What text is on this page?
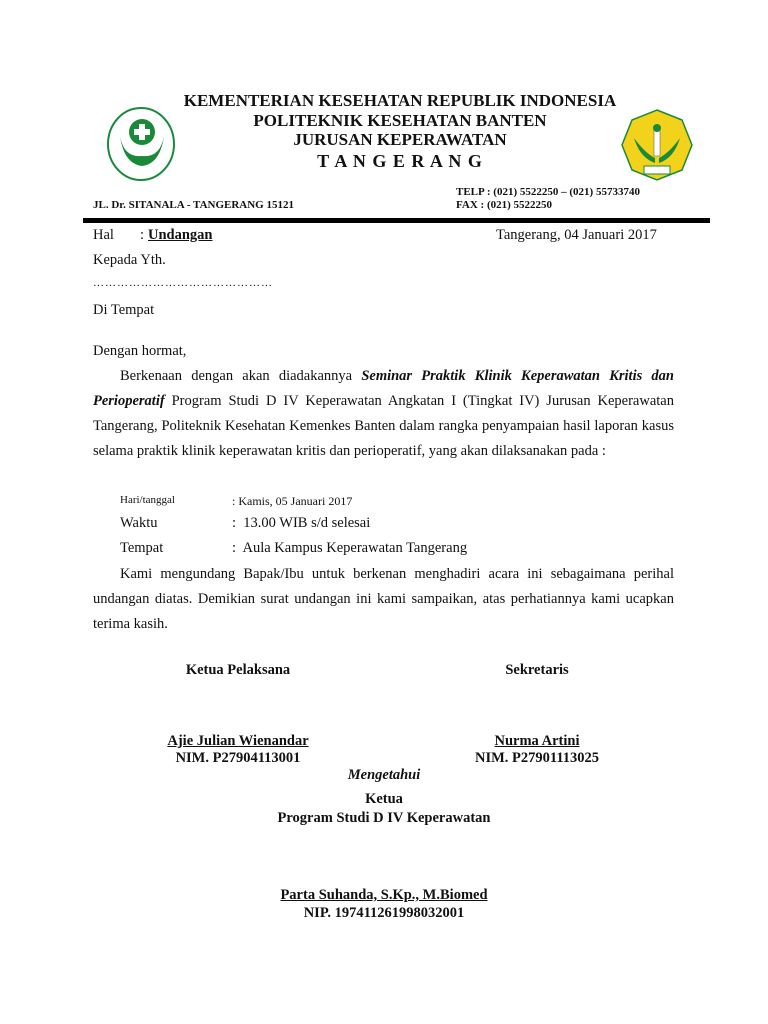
KEMENTERIAN KESEHATAN REPUBLIK INDONESIA
POLITEKNIK KESEHATAN BANTEN
JURUSAN KEPERAWATAN
T A N G E R A N G
JL. Dr. SITANALA - TANGERANG 15121
TELP : (021) 5522250 – (021) 55733740
FAX : (021) 5522250
Hal : Undangan	Tangerang, 04 Januari 2017
Kepada Yth.
………………………………………
Di Tempat
Dengan hormat,
Berkenaan dengan akan diadakannya Seminar Praktik Klinik Keperawatan Kritis dan Perioperatif Program Studi D IV Keperawatan Angkatan I (Tingkat IV) Jurusan Keperawatan Tangerang, Politeknik Kesehatan Kemenkes Banten dalam rangka penyampaian hasil laporan kasus selama praktik klinik keperawatan kritis dan perioperatif, yang akan dilaksanakan pada :
Hari/tanggal	: Kamis, 05 Januari 2017
Waktu	:  13.00 WIB s/d selesai
Tempat	:  Aula Kampus Keperawatan Tangerang
Kami mengundang Bapak/Ibu untuk berkenan menghadiri acara ini sebagaimana perihal undangan diatas. Demikian surat undangan ini kami sampaikan, atas perhatiannya kami ucapkan terima kasih.
Ketua Pelaksana	Sekretaris
Ajie Julian Wienandar
NIM. P27904113001
Nurma Artini
NIM. P27901113025
Mengetahui
Ketua
Program Studi D IV Keperawatan
Parta Suhanda, S.Kp., M.Biomed
NIP. 197411261998032001
